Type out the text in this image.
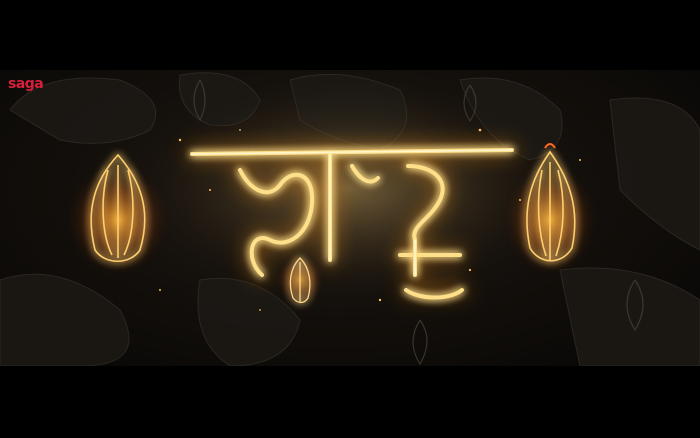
saga
